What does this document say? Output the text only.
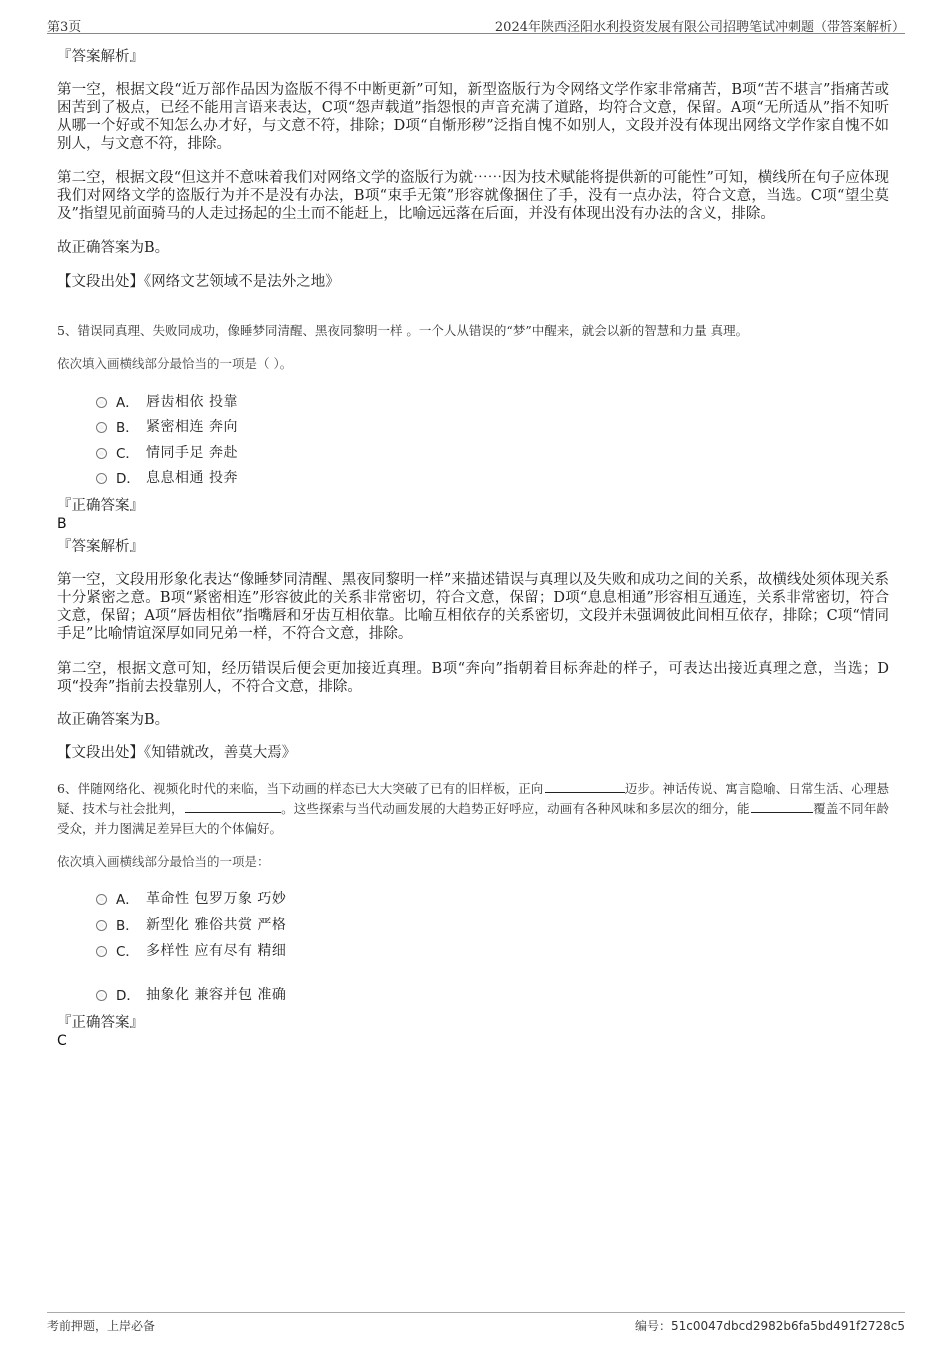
第3页	2024年陕西泾阳水利投资发展有限公司招聘笔试冲刺题（带答案解析）
『答案解析』
第一空，根据文段“近万部作品因为盗版不得不中断更新”可知，新型盗版行为令网络文学作家非常痛苦，B项“苦不堪言”指痛苦或困苦到了极点，已经不能用言语来表达，C项“怨声载道”指怨恨的声音充满了道路，均符合文意，保留。A项“无所适从”指不知听从哪一个好或不知怎么办才好，与文意不符，排除；D项“自惭形秽”泛指自愧不如别人，文段并没有体现出网络文学作家自愧不如别人，与文意不符，排除。
第二空，根据文段“但这并不意味着我们对网络文学的盗版行为就⋯⋯因为技术赋能将提供新的可能性”可知，横线所在句子应体现我们对网络文学的盗版行为并不是没有办法，B项“束手无策”形容就像捆住了手，没有一点办法，符合文意，当选。C项“望尘莫及”指望见前面骑马的人走过扬起的尘土而不能赶上，比喻远远落在后面，并没有体现出没有办法的含义，排除。
故正确答案为B。
【文段出处】《网络文艺领域不是法外之地》
5、错误同真理、失败同成功，像睡梦同清醒、黑夜同黎明一样 。一个人从错误的“梦”中醒来，就会以新的智慧和力量 真理。
依次填入画横线部分最恰当的一项是（ ）。
A． 唇齿相依 投靠
B． 紧密相连 奔向
C． 情同手足 奔赴
D． 息息相通 投奔
『正确答案』
B
『答案解析』
第一空，文段用形象化表达“像睡梦同清醒、黑夜同黎明一样”来描述错误与真理以及失败和成功之间的关系，故横线处须体现关系十分紧密之意。B项“紧密相连”形容彼此的关系非常密切，符合文意，保留；D项“息息相通”形容相互通连，关系非常密切，符合文意，保留；A项“唇齿相依”指嘴唇和牙齿互相依靠。比喻互相依存的关系密切，文段并未强调彼此间相互依存，排除；C项“情同手足”比喻情谊深厚如同兄弟一样，不符合文意，排除。
第二空，根据文意可知，经历错误后便会更加接近真理。B项“奔向”指朝着目标奔赴的样子，可表达出接近真理之意，当选；D项“投奔”指前去投靠别人，不符合文意，排除。
故正确答案为B。
【文段出处】《知错就改，善莫大焉》
6、伴随网络化、视频化时代的来临，当下动画的样态已大大突破了已有的旧样板，正向 	迈步。神话传说、寓言隐喻、日常生活、心理悬疑、技术与社会批判， 	。这些探索与当代动画发展的大趋势正好呼应，动画有各种风味和多层次的细分，能 	覆盖不同年龄受众，并力图满足差异巨大的个体偏好。
依次填入画横线部分最恰当的一项是：
A． 革命性 包罗万象 巧妙
B． 新型化 雅俗共赏 严格
C． 多样性 应有尽有 精细
D． 抽象化 兼容并包 准确
『正确答案』
C
考前押题，上岸必备	编号：51c0047dbcd2982b6fa5bd491f2728c5
